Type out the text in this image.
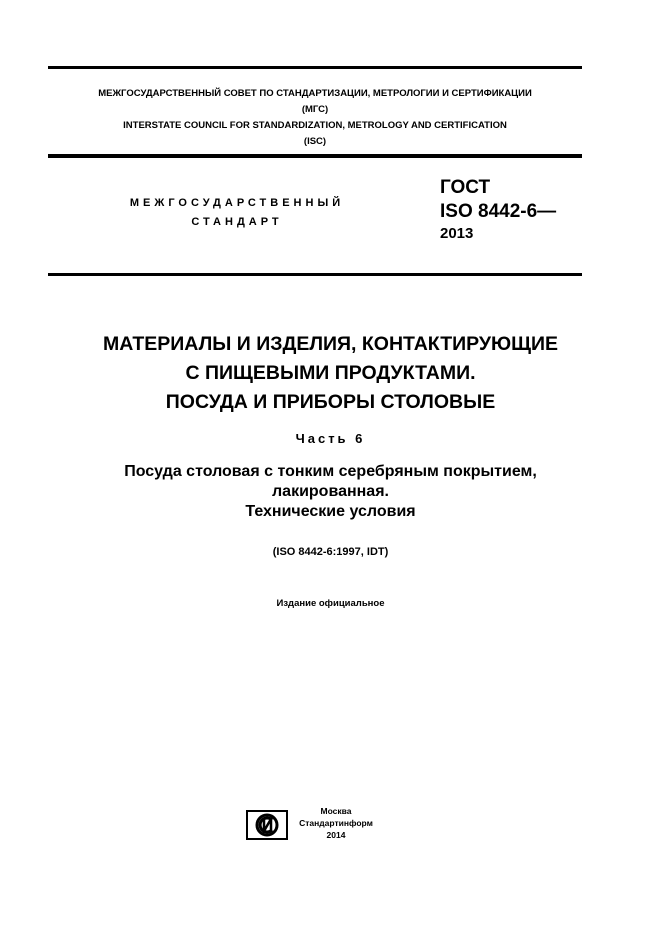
МЕЖГОСУДАРСТВЕННЫЙ СОВЕТ ПО СТАНДАРТИЗАЦИИ, МЕТРОЛОГИИ И СЕРТИФИКАЦИИ
(МГС)
INTERSTATE COUNCIL FOR STANDARDIZATION, METROLOGY AND CERTIFICATION
(ISC)
МЕЖГОСУДАРСТВЕННЫЙ
СТАНДАРТ
ГОСТ
ISO 8442-6—
2013
МАТЕРИАЛЫ И ИЗДЕЛИЯ, КОНТАКТИРУЮЩИЕ
С ПИЩЕВЫМИ ПРОДУКТАМИ.
ПОСУДА И ПРИБОРЫ СТОЛОВЫЕ
Часть 6
Посуда столовая с тонким серебряным покрытием,
лакированная.
Технические условия
(ISO 8442-6:1997, IDT)
Издание официальное
Москва
Стандартинформ
2014
